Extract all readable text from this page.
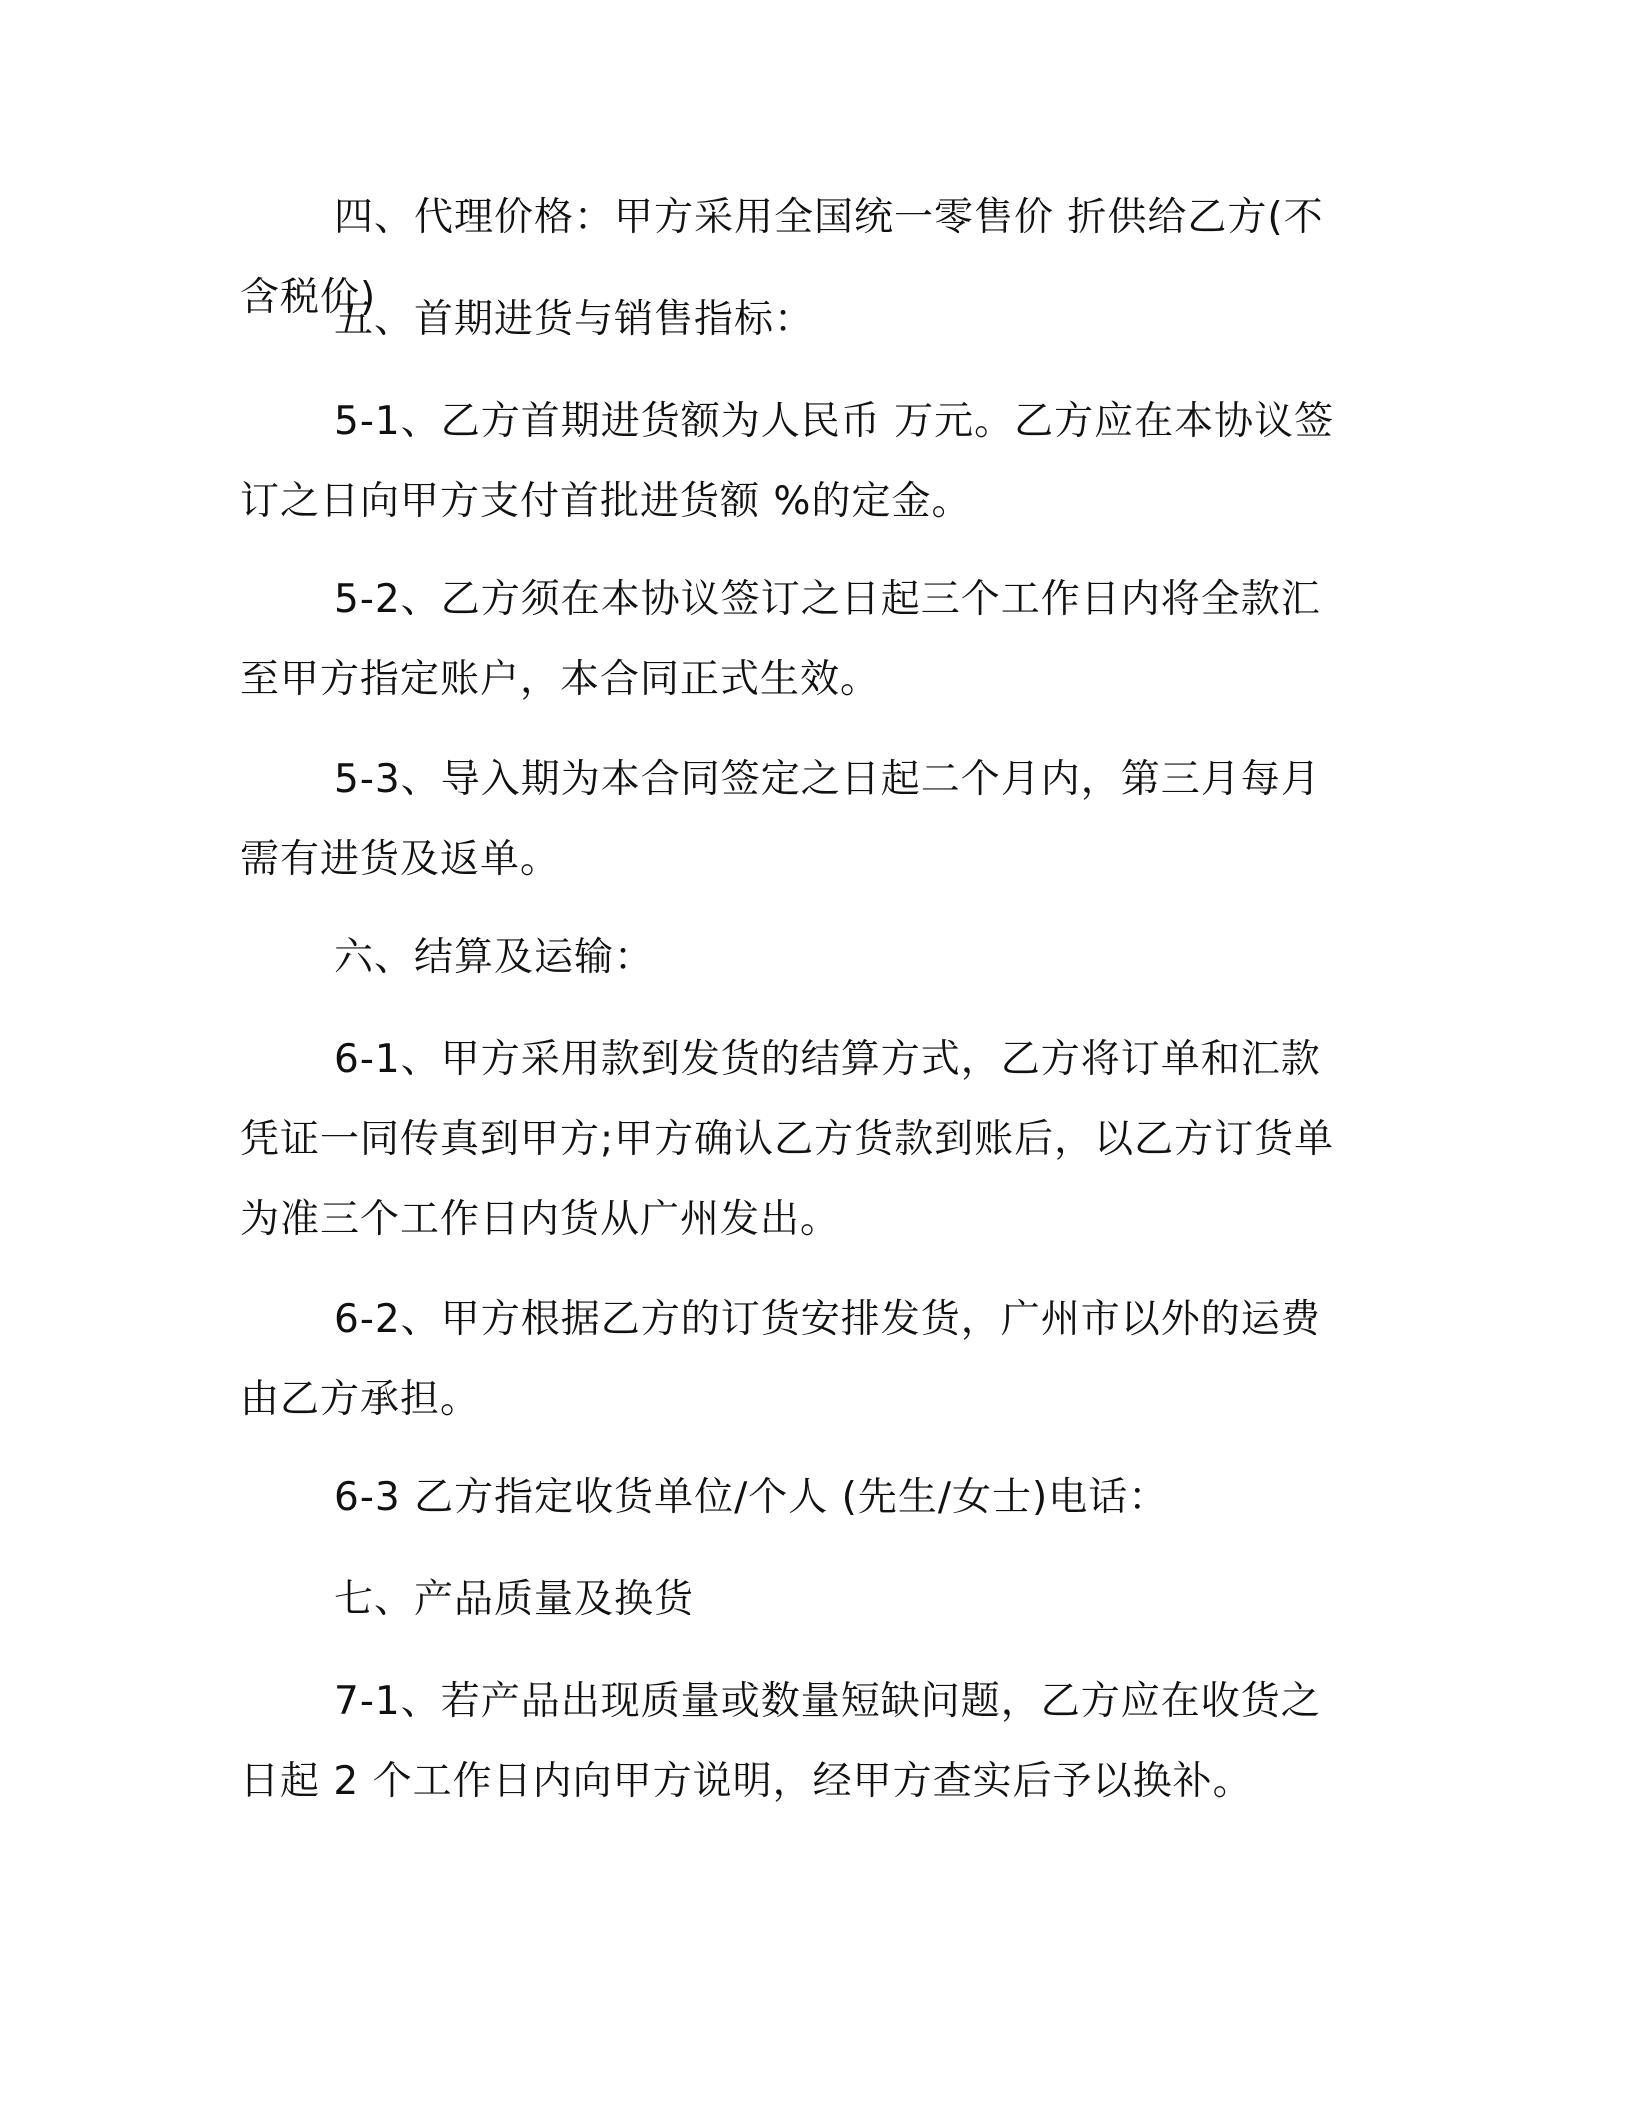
四、代理价格：甲方采用全国统一零售价 折供给乙方(不含税价)

五、首期进货与销售指标：

5-1、乙方首期进货额为人民币 万元。乙方应在本协议签订之日向甲方支付首批进货额 %的定金。

5-2、乙方须在本协议签订之日起三个工作日内将全款汇至甲方指定账户，本合同正式生效。

5-3、导入期为本合同签定之日起二个月内，第三月每月需有进货及返单。

六、结算及运输：

6-1、甲方采用款到发货的结算方式，乙方将订单和汇款凭证一同传真到甲方;甲方确认乙方货款到账后，以乙方订货单为准三个工作日内货从广州发出。

6-2、甲方根据乙方的订货安排发货，广州市以外的运费由乙方承担。

6-3 乙方指定收货单位/个人 (先生/女士)电话：

七、产品质量及换货

7-1、若产品出现质量或数量短缺问题，乙方应在收货之日起 2 个工作日内向甲方说明，经甲方查实后予以换补。
